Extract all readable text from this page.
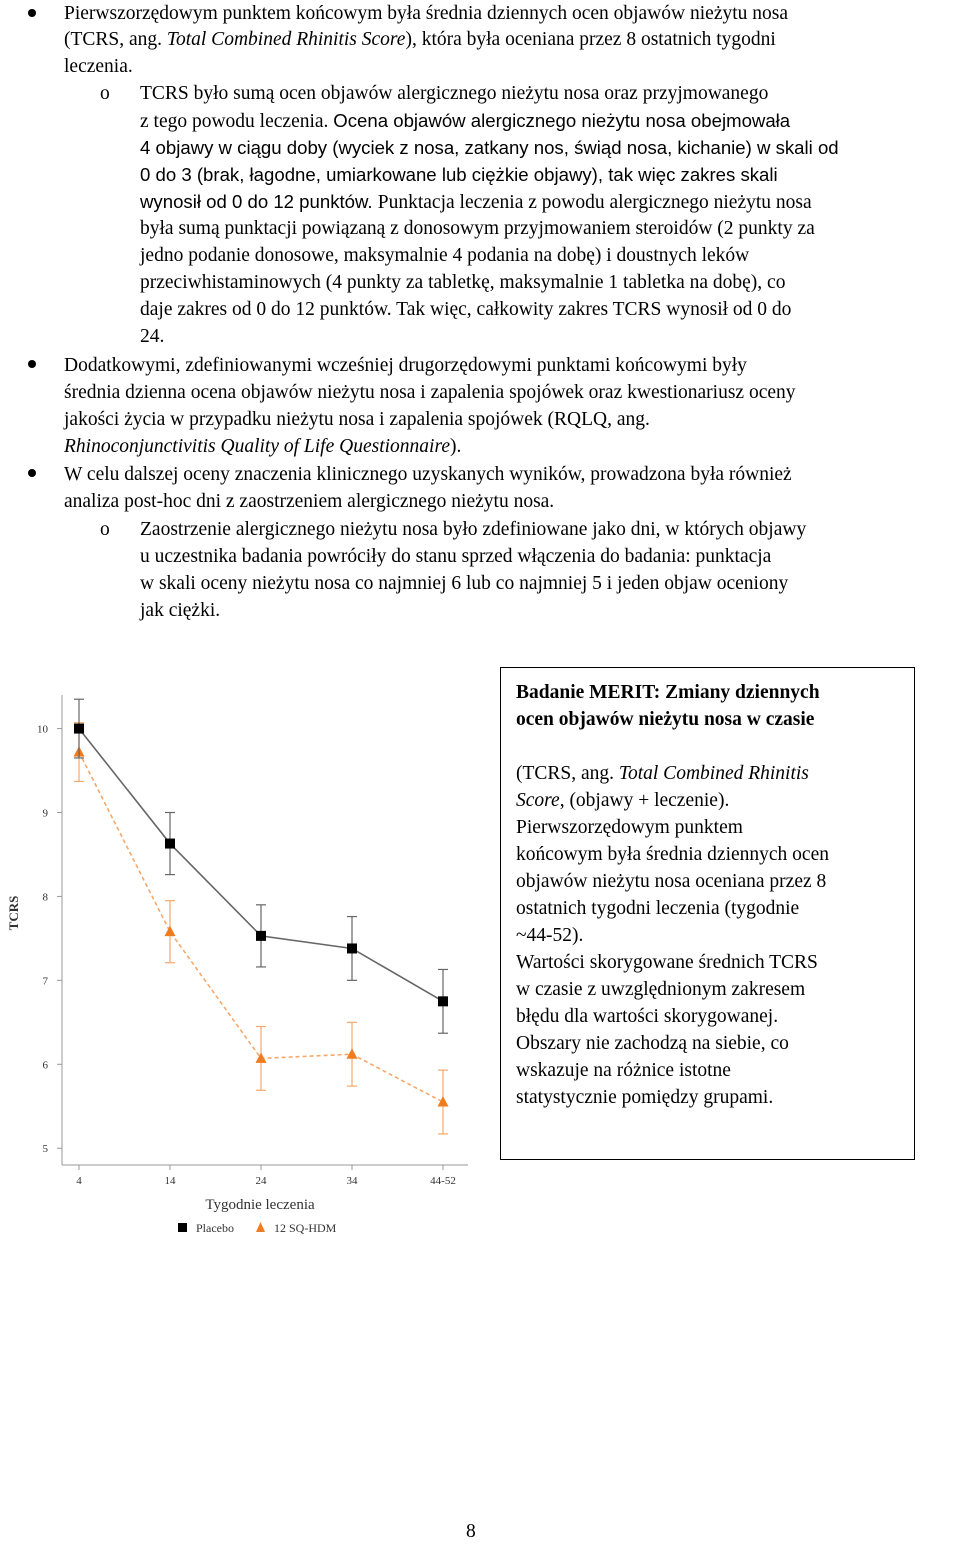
Pierwszorzędowym punktem końcowym była średnia dziennych ocen objawów nieżytu nosa
(TCRS, ang. Total Combined Rhinitis Score), która była oceniana przez 8 ostatnich tygodni
leczenia.
o TCRS było sumą ocen objawów alergicznego nieżytu nosa oraz przyjmowanego
z tego powodu leczenia. Ocena objawów alergicznego nieżytu nosa obejmowała
4 objawy w ciągu doby (wyciek z nosa, zatkany nos, świąd nosa, kichanie) w skali od
0 do 3 (brak, łagodne, umiarkowane lub ciężkie objawy), tak więc zakres skali
wynosił od 0 do 12 punktów. Punktacja leczenia z powodu alergicznego nieżytu nosa
była sumą punktacji powiązaną z donosowym przyjmowaniem steroidów (2 punkty za
jedno podanie donosowe, maksymalnie 4 podania na dobę) i doustnych leków
przeciwhistaminowych (4 punkty za tabletkę, maksymalnie 1 tabletka na dobę), co
daje zakres od 0 do 12 punktów. Tak więc, całkowity zakres TCRS wynosił od 0 do
24.
Dodatkowymi, zdefiniowanymi wcześniej drugorzędowymi punktami końcowymi były
średnia dzienna ocena objawów nieżytu nosa i zapalenia spojówek oraz kwestionariusz oceny
jakości życia w przypadku nieżytu nosa i zapalenia spojówek (RQLQ, ang.
Rhinoconjunctivitis Quality of Life Questionnaire).
W celu dalszej oceny znaczenia klinicznego uzyskanych wyników, prowadzona była również
analiza post-hoc dni z zaostrzeniem alergicznego nieżytu nosa.
o Zaostrzenie alergicznego nieżytu nosa było zdefiniowane jako dni, w których objawy
u uczestnika badania powróciły do stanu sprzed włączenia do badania: punktacja
w skali oceny nieżytu nosa co najmniej 6 lub co najmniej 5 i jeden objaw oceniony
jak ciężki.
5
6
7
8
9
10
4	14	24	34	44-52
TCRS
Tygodnie leczenia
Placebo	12 SQ-HDM
Badanie MERIT: Zmiany dziennych
ocen objawów nieżytu nosa w czasie
(TCRS, ang. Total Combined Rhinitis
Score, (objawy + leczenie).
Pierwszorzędowym punktem
końcowym była średnia dziennych ocen
objawów nieżytu nosa oceniana przez 8
ostatnich tygodni leczenia (tygodnie
~44-52).
Wartości skorygowane średnich TCRS
w czasie z uwzględnionym zakresem
błędu dla wartości skorygowanej.
Obszary nie zachodzą na siebie, co
wskazuje na różnice istotne
statystycznie pomiędzy grupami.
8
